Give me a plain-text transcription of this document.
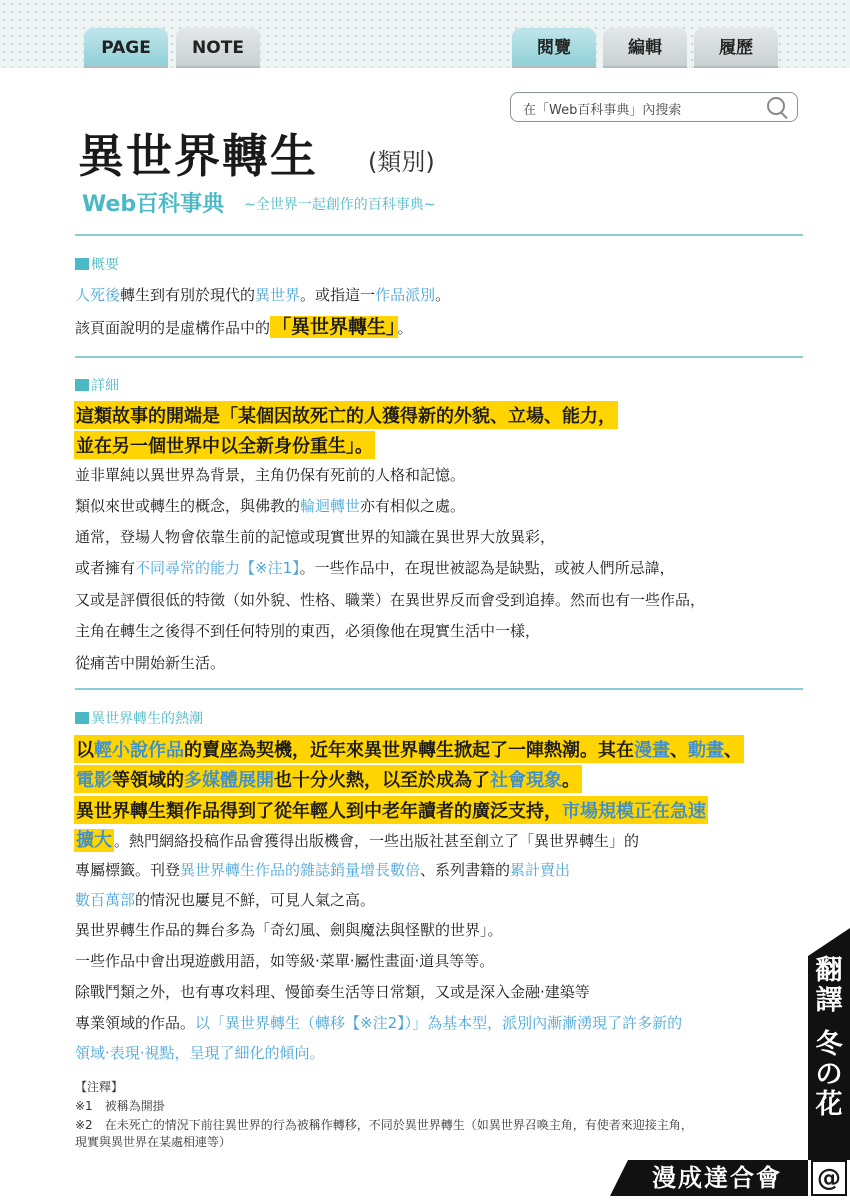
PAGE	NOTE	閱覽	編輯	履歷
在「Web百科事典」內搜索
異世界轉生 (類別)
Web百科事典 ~全世界一起創作的百科事典~
概要
人死後轉生到有別於現代的異世界。或指這一作品派別。
該頁面說明的是虛構作品中的 「異世界轉生」 。
詳細
這類故事的開端是「某個因故死亡的人獲得新的外貌、立場、能力，
並在另一個世界中以全新身份重生」。
並非單純以異世界為背景，主角仍保有死前的人格和記憶。
類似來世或轉生的概念，與佛教的輪迴轉世亦有相似之處。
通常，登場人物會依靠生前的記憶或現實世界的知識在異世界大放異彩，
或者擁有不同尋常的能力【※注1】。一些作品中，在現世被認為是缺點，或被人們所忌諱，
又或是評價很低的特徵（如外貌、性格、職業）在異世界反而會受到追捧。然而也有一些作品，
主角在轉生之後得不到任何特別的東西，必須像他在現實生活中一樣，
從痛苦中開始新生活。
異世界轉生的熱潮
以輕小說作品的賣座為契機，近年來異世界轉生掀起了一陣熱潮。其在漫畫、動畫、
電影等領域的多媒體展開也十分火熱，以至於成為了社會現象。
異世界轉生類作品得到了從年輕人到中老年讀者的廣泛支持，市場規模正在急速
擴大 。熱門網絡投稿作品會獲得出版機會，一些出版社甚至創立了「異世界轉生」的
專屬標籤。刊登異世界轉生作品的雜誌銷量增長數倍、系列書籍的累計賣出
數百萬部的情況也屢見不鮮，可見人氣之高。
異世界轉生作品的舞台多為「奇幻風、劍與魔法與怪獸的世界」。
一些作品中會出現遊戲用語，如等級·菜單·屬性畫面·道具等等。
除戰鬥類之外，也有專攻料理、慢節奏生活等日常類，又或是深入金融·建築等
專業領域的作品。以「異世界轉生（轉移【※注2】）」為基本型，派別內漸漸湧現了許多新的
領域·表現·視點，呈現了細化的傾向。
【注釋】
※1　被稱為開掛
※2　在未死亡的情況下前往異世界的行為被稱作轉移，不同於異世界轉生（如異世界召喚主角，有使者來迎接主角，
現實與異世界在某處相連等）
翻
譯

冬
の
花
@
漫成達合會
